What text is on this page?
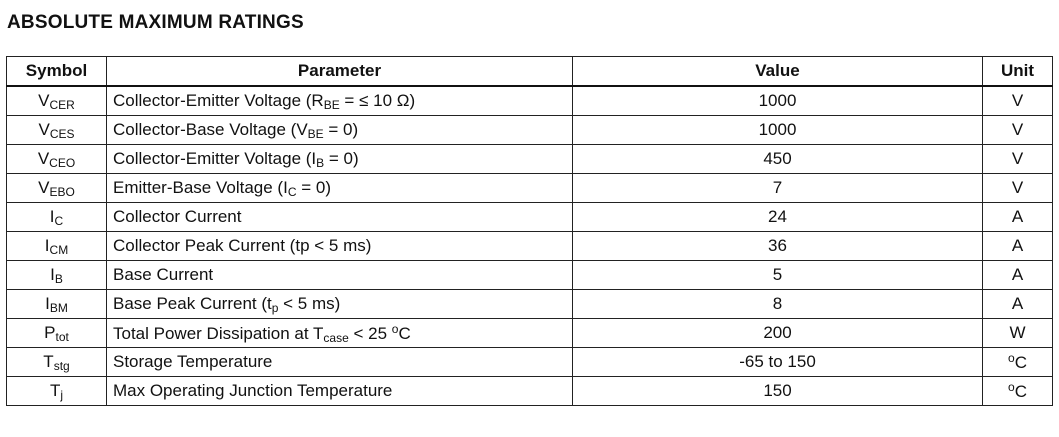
ABSOLUTE MAXIMUM RATINGS
Symbol	Parameter	Value	Unit
$V_{CER}$	Collector-Emitter Voltage ($R_{BE}$ = ≤ 10 Ω)	1000	V
$V_{CES}$	Collector-Base Voltage $(V_{BE} = 0)$	1000	V
$V_{CEO}$	Collector-Emitter Voltage $(I_B = 0)$	450	V
$V_{EBO}$	Emitter-Base Voltage $(I_C = 0)$	7	V
$I_C$	Collector Current	24	A
$I_{CM}$	Collector Peak Current (tp < 5 ms)	36	A
$I_B$	Base Current	5	A
$I_{BM}$	Base Peak Current ($t_p < 5$ ms)	8	A
$P_{tot}$	Total Power Dissipation at $T_{case} < 25$ $^o$C	200	W
$T_{stg}$	Storage Temperature	-65 to 150	$^o$C
$T_j$	Max Operating Junction Temperature	150	$^o$C
